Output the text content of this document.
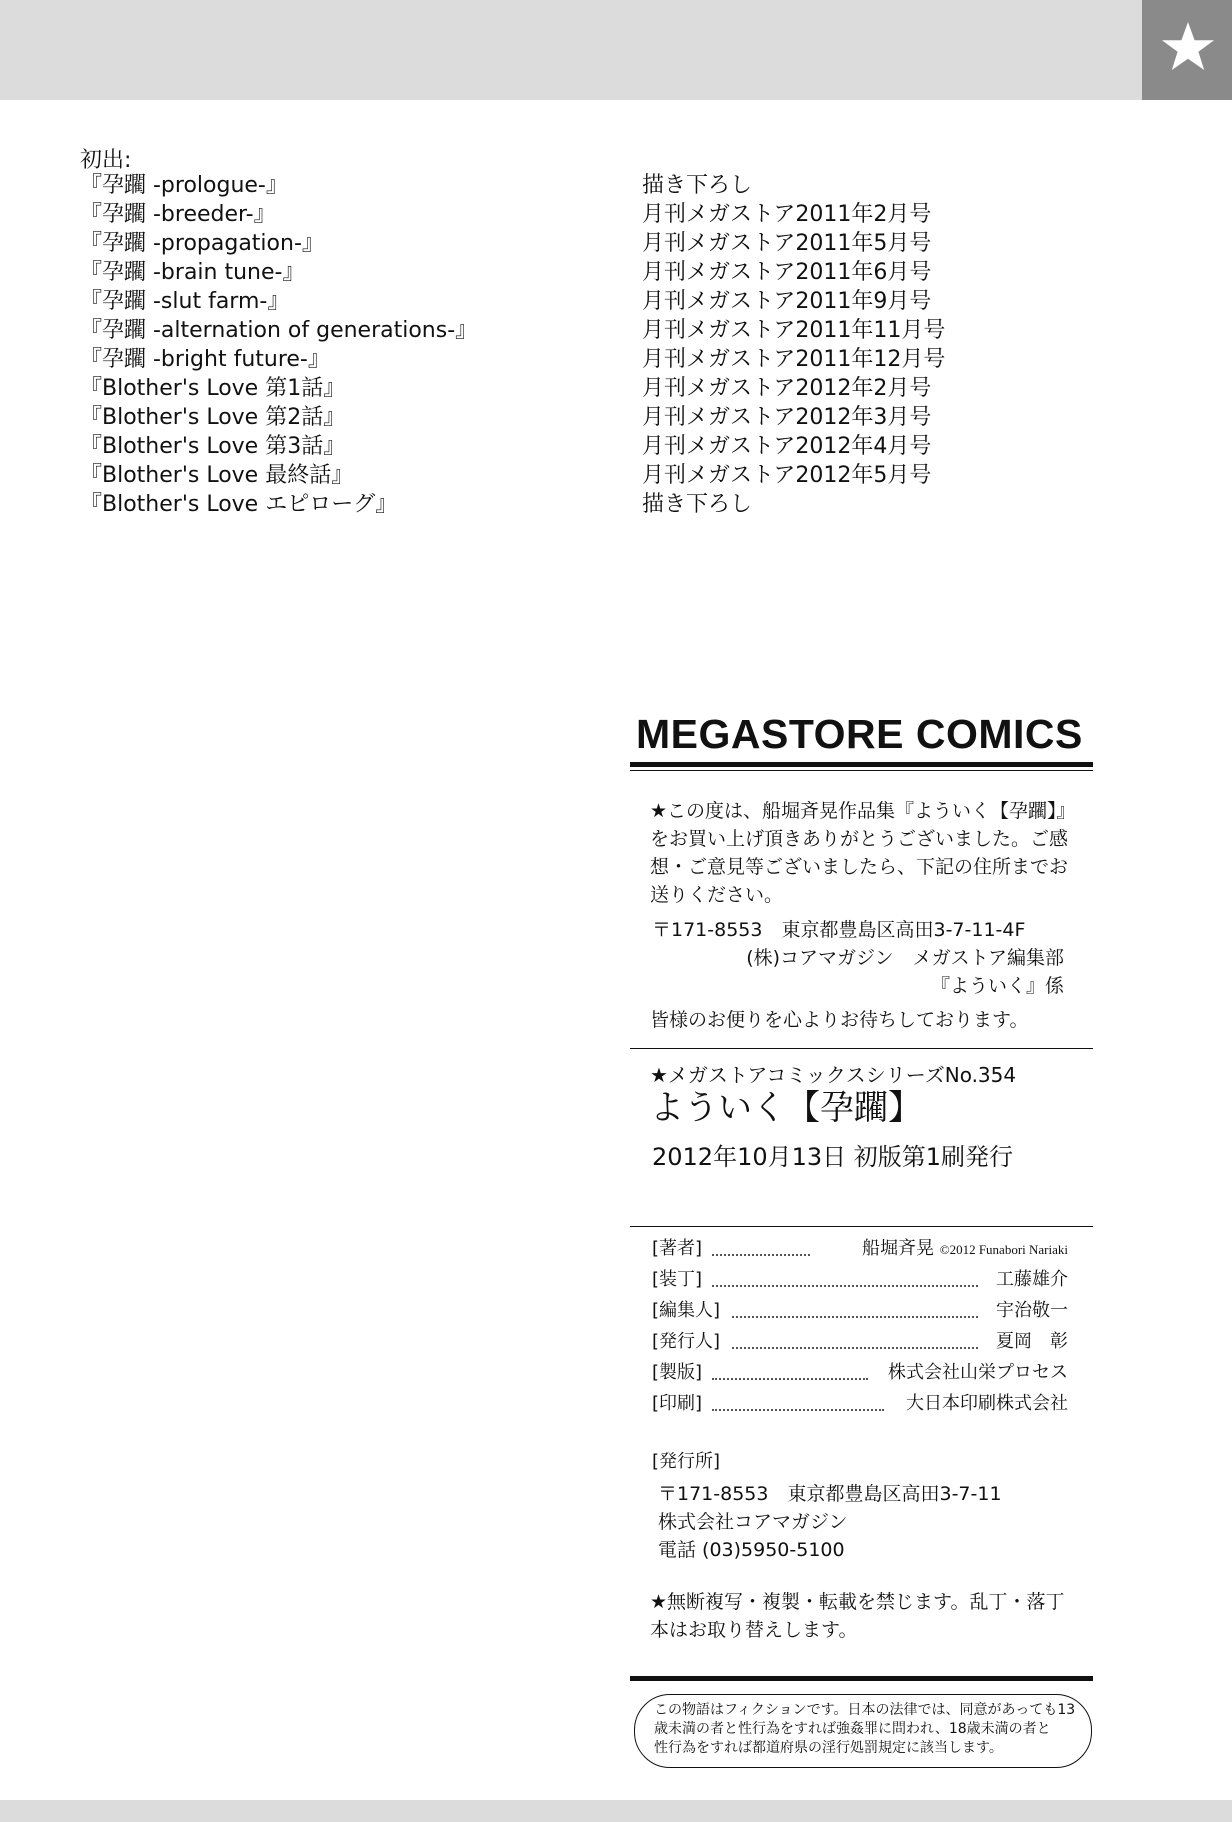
初出:
『孕躙 -prologue-』	描き下ろし
『孕躙 -breeder-』	月刊メガストア2011年2月号
『孕躙 -propagation-』	月刊メガストア2011年5月号
『孕躙 -brain tune-』	月刊メガストア2011年6月号
『孕躙 -slut farm-』	月刊メガストア2011年9月号
『孕躙 -alternation of generations-』	月刊メガストア2011年11月号
『孕躙 -bright future-』	月刊メガストア2011年12月号
『Blother's Love 第1話』	月刊メガストア2012年2月号
『Blother's Love 第2話』	月刊メガストア2012年3月号
『Blother's Love 第3話』	月刊メガストア2012年4月号
『Blother's Love 最終話』	月刊メガストア2012年5月号
『Blother's Love エピローグ』	描き下ろし
MEGASTORE COMICS
★この度は、船堀斉晃作品集『よういく【孕躙】』
をお買い上げ頂きありがとうございました。ご感
想・ご意見等ございましたら、下記の住所までお
送りください。
〒171-8553　東京都豊島区高田3-7-11-4F
(株)コアマガジン　メガストア編集部
『よういく』係
皆様のお便りを心よりお待ちしております。
★メガストアコミックスシリーズNo.354
よういく【孕躙】
2012年10月13日 初版第1刷発行
[著者]	船堀斉晃 ©2012 Funabori Nariaki
[装丁]	工藤雄介
[編集人]	宇治敬一
[発行人]	夏岡　彰
[製版]	株式会社山栄プロセス
[印刷]	大日本印刷株式会社
[発行所]
〒171-8553　東京都豊島区高田3-7-11
株式会社コアマガジン
電話 (03)5950-5100
★無断複写・複製・転載を禁じます。乱丁・落丁
本はお取り替えします。
この物語はフィクションです。日本の法律では、同意があっても13
歳未満の者と性行為をすれば強姦罪に問われ、18歳未満の者と
性行為をすれば都道府県の淫行処罰規定に該当します。
